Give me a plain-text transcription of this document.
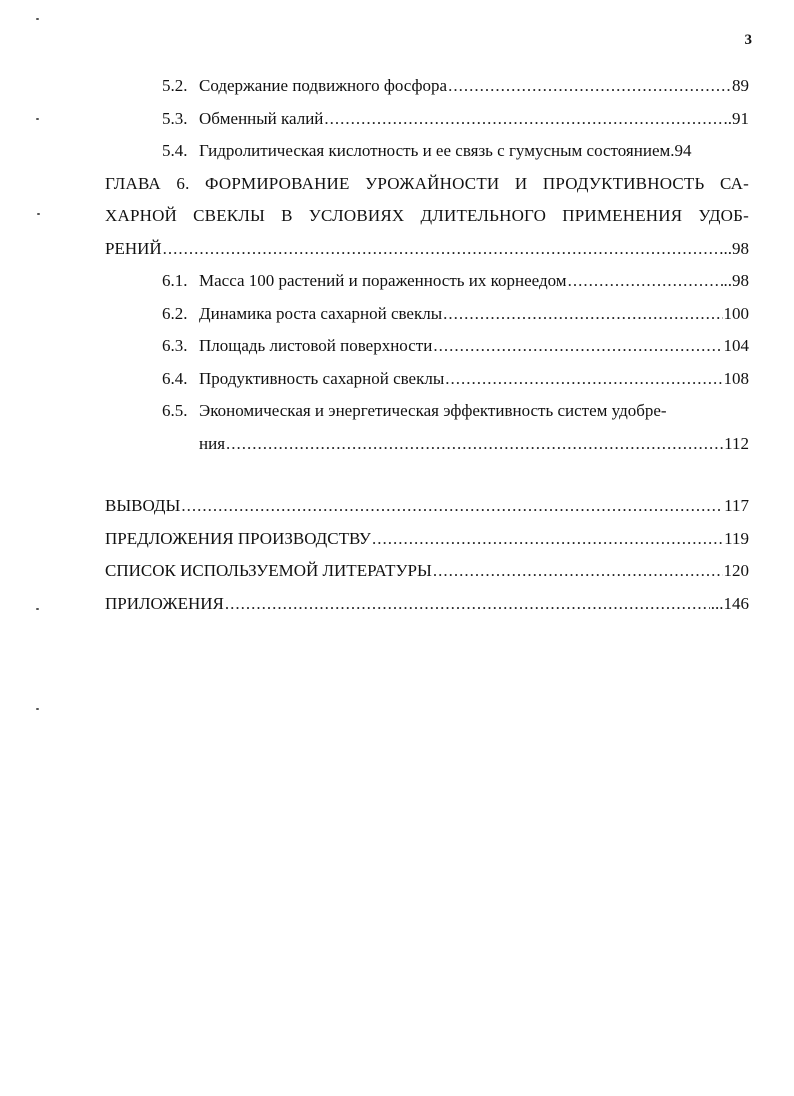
3
5.2. Содержание подвижного фосфора .....	89
5.3. Обменный калий .....	..91
5.4. Гидролитическая кислотность и ее связь с гумусным состоянием .94
ГЛАВА 6. ФОРМИРОВАНИЕ УРОЖАЙНОСТИ И ПРОДУКТИВНОСТЬ СА-
ХАРНОЙ СВЕКЛЫ В УСЛОВИЯХ ДЛИТЕЛЬНОГО ПРИМЕНЕНИЯ УДОБ-
РЕНИЙ .....	...98
6.1. Масса 100 растений и пораженность их корнеедом .....	..98
6.2. Динамика роста сахарной свеклы .....	100
6.3. Площадь листовой поверхности .....	104
6.4. Продуктивность сахарной свеклы .....	108
6.5. Экономическая и энергетическая эффективность систем удобре-
ния .....	112
ВЫВОДЫ .....	117
ПРЕДЛОЖЕНИЯ ПРОИЗВОДСТВУ .....	119
СПИСОК ИСПОЛЬЗУЕМОЙ ЛИТЕРАТУРЫ .....	120
ПРИЛОЖЕНИЯ .....	...146
